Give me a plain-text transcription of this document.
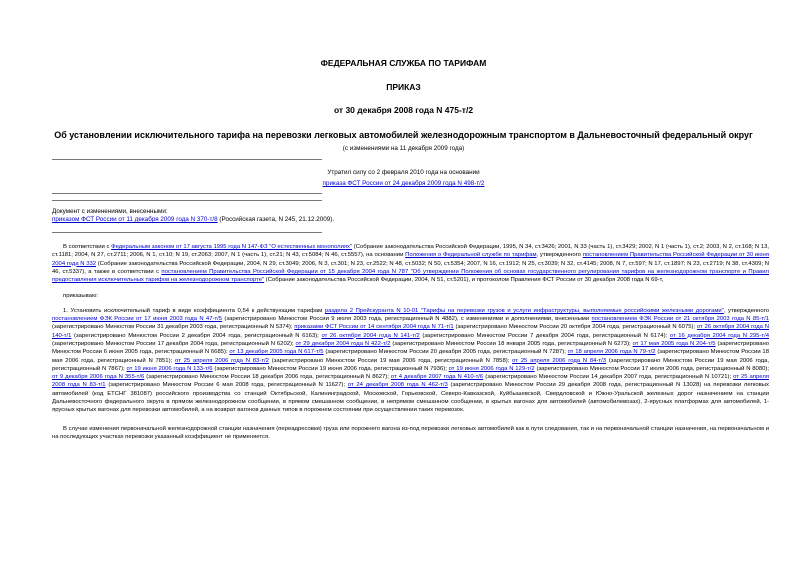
ФЕДЕРАЛЬНАЯ СЛУЖБА ПО ТАРИФАМ
ПРИКАЗ
от 30 декабря 2008 года N 475-т/2
Об установлении исключительного тарифа на перевозки легковых автомобилей железнодорожным транспортом в Дальневосточный федеральный округ
(с изменениями на 11 декабря 2009 года)
Утратил силу со 2 февраля 2010 года на основании
приказа ФСТ России от 24 декабря 2009 года N 498-т/2
Документ с изменениями, внесенными:
приказом ФСТ России от 11 декабря 2009 года N 370-т/8 (Российская газета, N 245, 21.12.2009).

В соответствии с Федеральным законом от 17 августа 1995 года N 147-ФЗ "О естественных монополиях" (Собрание законодательства Российской Федерации, 1995, N 34, ст.3426; 2001, N 33 (часть 1), ст.3429; 2002, N 1 (часть 1), ст.2; 2003, N 2, ст.168; N 13, ст.1181; 2004, N 27, ст.2711; 2006, N 1, ст.10; N 19, ст.2063; 2007, N 1 (часть 1), ст.21; N 43, ст.5084; N 46, ст.5557), на основании Положения о Федеральной службе по тарифам, утвержденного постановлением Правительства Российской Федерации от 30 июня 2004 года N 332 (Собрание законодательства Российской Федерации, 2004, N 29, ст.3049; 2006, N 3, ст.301; N 23, ст.2522; N 48, ст.5032; N 50, ст.5354; 2007, N 16, ст.1912; N 25, ст.3039; N 32, ст.4145; 2008, N 7, ст.597; N 17, ст.1897; N 23, ст.2719; N 38, ст.4309; N 46, ст.5337), а также в соответствии с постановлением Правительства Российской Федерации от 15 декабря 2004 года N 787 "Об утверждении Положения об основах государственного регулирования тарифов на железнодорожном транспорте и Правил предоставления исключительных тарифов на железнодорожном транспорте" (Собрание законодательства Российской Федерации, 2004, N 51, ст.5201), и протоколом Правления ФСТ России от 30 декабря 2008 года N 69-т,

приказываю:

1. Установить исключительный тариф в виде коэффициента 0,54 к действующим тарифам раздела 2 Прейскуранта N 10-01 "Тарифы на перевозки грузов и услуги инфраструктуры, выполняемые российскими железными дорогами", утвержденного постановлением ФЭК России от 17 июня 2003 года N 47-т/5 (зарегистрировано Минюстом России 9 июля 2003 года, регистрационный N 4882), с изменениями и дополнениями, внесенными постановлением ФЭК России от 21 октября 2003 года N 85-т/1 (зарегистрировано Минюстом России 31 декабря 2003 года, регистрационный N 5374); приказами ФСТ России от 14 сентября 2004 года N 71-т/1 (зарегистрировано Минюстом России 20 октября 2004 года, регистрационный N 6075); от 26 октября 2004 года N 140-т/1 (зарегистрировано Минюстом России 2 декабря 2004 года, регистрационный N 6163); от 26 октября 2004 года N 141-т/2 (зарегистрировано Минюстом России 7 декабря 2004 года, регистрационный N 6174); от 16 декабря 2004 года N 295-т/4 (зарегистрировано Минюстом России 17 декабря 2004 года, регистрационный N 6202); от 29 декабря 2004 года N 422-т/2 (зарегистрировано Минюстом России 18 января 2005 года, регистрационный N 6273); от 17 мая 2005 года N 204-т/5 (зарегистрировано Минюстом России 6 июня 2005 года, регистрационный N 6685); от 13 декабря 2005 года N 617-т/5 (зарегистрировано Минюстом России 20 декабря 2005 года, регистрационный N 7287); от 18 апреля 2006 года N 79-т/2 (зарегистрировано Минюстом России 18 мая 2006 года, регистрационный N 7851); от 25 апреля 2006 года N 83-т/2 (зарегистрировано Минюстом России 19 мая 2006 года, регистрационный N 7858); от 25 апреля 2006 года N 84-т/3 (зарегистрировано Минюстом России 19 мая 2006 года, регистрационный N 7867); от 19 июня 2006 года N 133-т/6 (зарегистрировано Минюстом России 19 июня 2006 года, регистрационный N 7936); от 19 июня 2006 года N 129-т/2 (зарегистрировано Минюстом России 17 июля 2006 года, регистрационный N 8080); от 9 декабря 2006 года N 355-т/6 (зарегистрировано Минюстом России 18 декабря 2006 года, регистрационный N 8627); от 4 декабря 2007 года N 410-т/6 (зарегистрировано Минюстом России 14 декабря 2007 года, регистрационный N 10721); от 25 апреля 2008 года N 83-т/1 (зарегистрировано Минюстом России 6 мая 2008 года, регистрационный N 11627); от 24 декабря 2008 года N 462-т/3 (зарегистрировано Минюстом России 29 декабря 2008 года, регистрационный N 13028) на перевозки легковых автомобилей (код ЕТСНГ 381087) российского производства со станций Октябрьской, Калининградской, Московской, Горьковской, Северо-Кавказской, Куйбышевской, Свердловской и Южно-Уральской железных дорог назначением на станции Дальневосточного федерального округа в прямом железнодорожном сообщении, в прямом смешанном сообщении, в непрямом смешанном сообщении, в крытых вагонах для автомобилей (автомобилевозах), 2-ярусных платформах для автомобилей, 1-ярусных крытых вагонах для перевозки автомобилей, а на возврат вагонов данных типов в порожнем состоянии при осуществлении таких перевозок.

В случае изменения первоначальной железнодорожной станции назначения (переадресовки) груза или порожнего вагона из-под перевозки легковых автомобилей как в пути следования, так и на первоначальной станции назначения, на первоначальном и на последующих участках перевозки указанный коэффициент не применяется.
